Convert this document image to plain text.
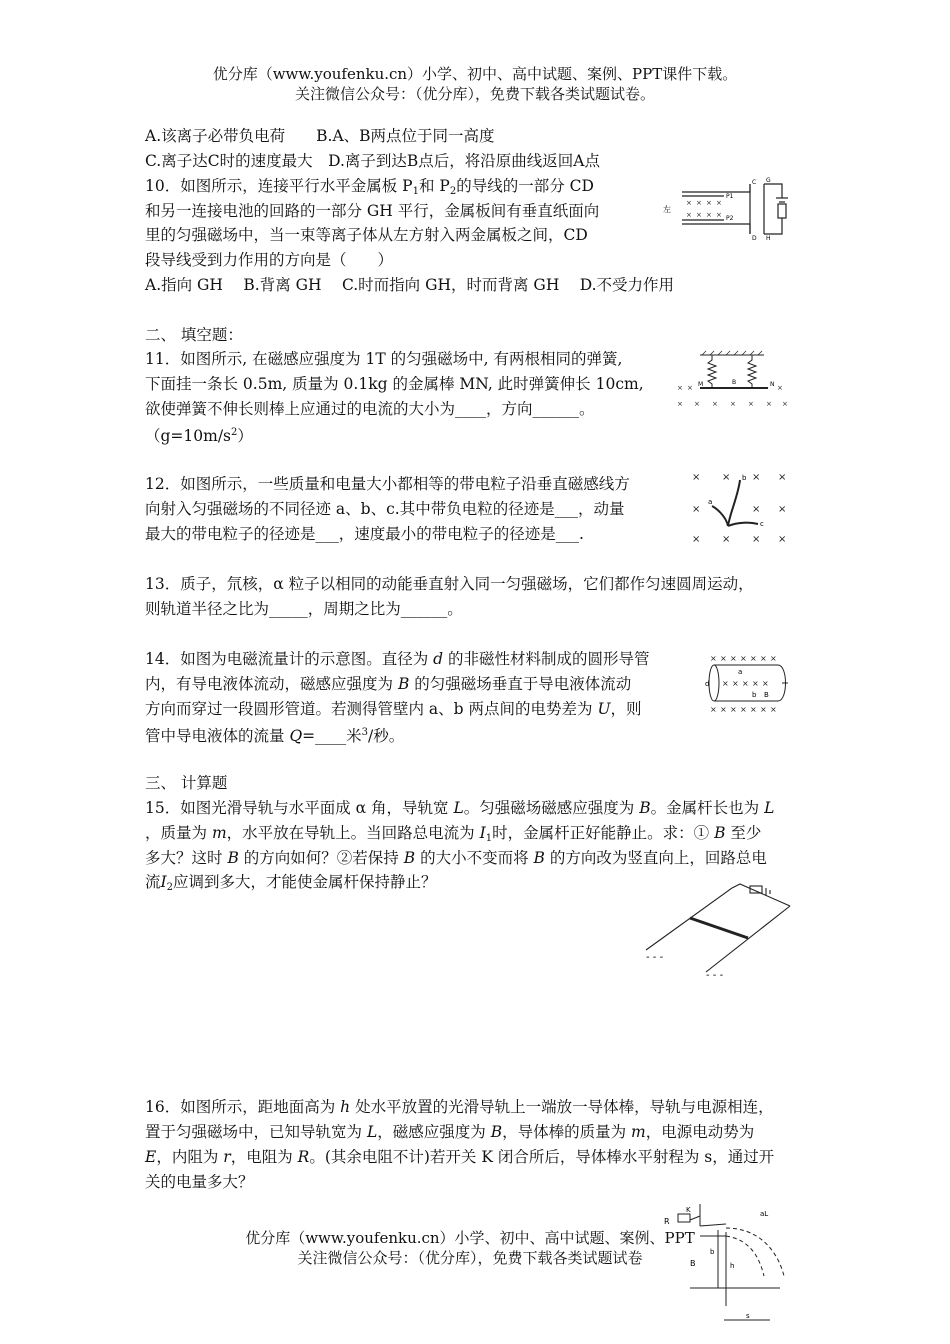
优分库（www.youfenku.cn）小学、初中、高中试题、案例、PPT课件下载。
关注微信公众号：（优分库），免费下载各类试题试卷。

A.该离子必带负电荷　　B.A、B两点位于同一高度

C.离子达C时的速度最大　D.离子到达B点后，将沿原曲线返回A点

10．如图所示，连接平行水平金属板 $P_1$和 $P_2$的导线的一部分 CD

和另一连接电池的回路的一部分 GH 平行，金属板间有垂直纸面向

里的匀强磁场中，当一束等离子体从左方射入两金属板之间，CD

段导线受到力作用的方向是（　　）

A.指向 GH　 B.背离 GH　 C.时而指向 GH，时而背离 GH　 D.不受力作用

左
P1
P2
C
D
G
H
× × × ×
× × × ×

二、 填空题：

11．如图所示, 在磁感应强度为 1T 的匀强磁场中, 有两根相同的弹簧,

下面挂一条长 0.5m, 质量为 0.1kg 的金属棒 MN, 此时弹簧伸长 10cm,

欲使弹簧不伸长则棒上应通过的电流的大小为____，方向______。

$(g=10m/s^2)$

M	N
B
× ×	×
× × × × × × ×

12．如图所示，一些质量和电量大小都相等的带电粒子沿垂直磁感线方

向射入匀强磁场的不同径迹 a、b、c.其中带负电粒的径迹是___，动量

最大的带电粒子的径迹是___，速度最小的带电粒子的径迹是___.

× × × ×
×	× ×
× × × ×
a
b
c

13．质子，氘核，α 粒子以相同的动能垂直射入同一匀强磁场，它们都作匀速圆周运动，

则轨道半径之比为_____，周期之比为______。

14．如图为电磁流量计的示意图。直径为 d 的非磁性材料制成的圆形导管

内，有导电液体流动，磁感应强度为 B 的匀强磁场垂直于导电液体流动

方向而穿过一段圆形管道。若测得管壁内 a、b 两点间的电势差为 U，则

管中导电液体的流量 Q=____米$^3$/秒。

× × × × × × ×
× × × × ×
× × × × × × ×
d
a
b B

三、 计算题

15．如图光滑导轨与水平面成 α 角，导轨宽 L。匀强磁场磁感应强度为 B。金属杆长也为 L

，质量为 m，水平放在导轨上。当回路总电流为 $I_1$时，金属杆正好能静止。求：① B 至少

多大？这时 B 的方向如何？②若保持 B 的大小不变而将 B 的方向改为竖直向上，回路总电

流$I_2$应调到多大，才能使金属杆保持静止？

- - -
- - -

16．如图所示，距地面高为 h 处水平放置的光滑导轨上一端放一导体棒，导轨与电源相连，

置于匀强磁场中，已知导轨宽为 L，磁感应强度为 B，导体棒的质量为 m，电源电动势为

E，内阻为 r，电阻为 R。(其余电阻不计)若开关 K 闭合所后，导体棒水平射程为 s，通过开

关的电量多大？

R
K	aL
b
B	h
s
优分库（www.youfenku.cn）小学、初中、高中试题、案例、PPT
关注微信公众号：（优分库），免费下载各类试题试卷
